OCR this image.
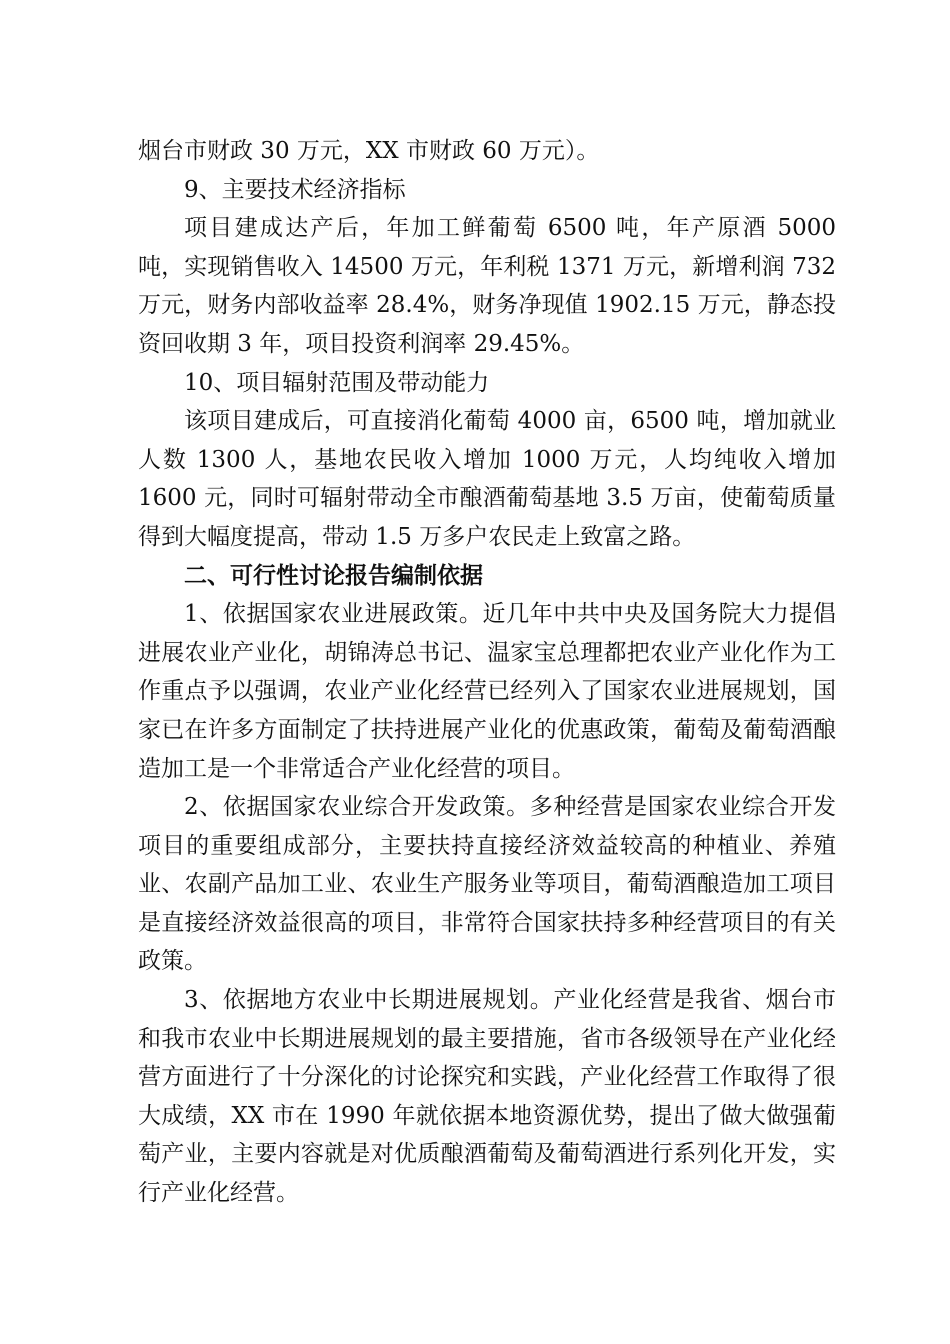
烟台市财政 30 万元，XX 市财政 60 万元）。

9、主要技术经济指标

项目建成达产后，年加工鲜葡萄 6500 吨，年产原酒 5000 吨，实现销售收入 14500 万元，年利税 1371 万元，新增利润 732 万元，财务内部收益率 28.4%，财务净现值 1902.15 万元，静态投资回收期 3 年，项目投资利润率 29.45%。

10、项目辐射范围及带动能力

该项目建成后，可直接消化葡萄 4000 亩，6500 吨，增加就业人数 1300 人，基地农民收入增加 1000 万元，人均纯收入增加 1600 元，同时可辐射带动全市酿酒葡萄基地 3.5 万亩，使葡萄质量得到大幅度提高，带动 1.5 万多户农民走上致富之路。

二、可行性讨论报告编制依据

1、依据国家农业进展政策。近几年中共中央及国务院大力提倡进展农业产业化，胡锦涛总书记、温家宝总理都把农业产业化作为工作重点予以强调，农业产业化经营已经列入了国家农业进展规划，国家已在许多方面制定了扶持进展产业化的优惠政策，葡萄及葡萄酒酿造加工是一个非常适合产业化经营的项目。

2、依据国家农业综合开发政策。多种经营是国家农业综合开发项目的重要组成部分，主要扶持直接经济效益较高的种植业、养殖业、农副产品加工业、农业生产服务业等项目，葡萄酒酿造加工项目是直接经济效益很高的项目，非常符合国家扶持多种经营项目的有关政策。

3、依据地方农业中长期进展规划。产业化经营是我省、烟台市和我市农业中长期进展规划的最主要措施，省市各级领导在产业化经营方面进行了十分深化的讨论探究和实践，产业化经营工作取得了很大成绩，XX 市在 1990 年就依据本地资源优势，提出了做大做强葡萄产业，主要内容就是对优质酿酒葡萄及葡萄酒进行系列化开发，实行产业化经营。
